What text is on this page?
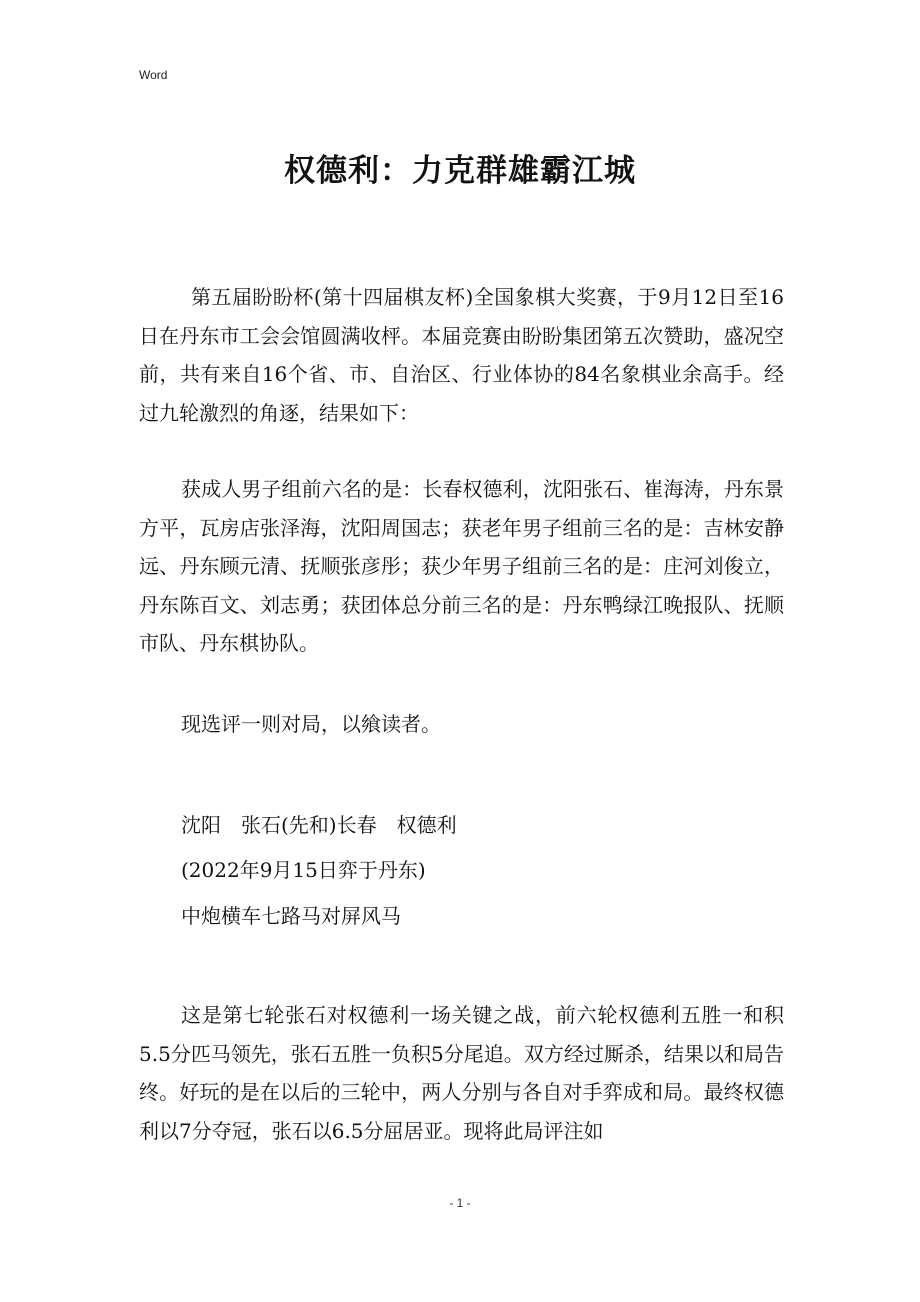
Word
权德利：力克群雄霸江城

第五届盼盼杯(第十四届棋友杯)全国象棋大奖赛，于9月12日至16日在丹东市工会会馆圆满收枰。本届竞赛由盼盼集团第五次赞助，盛况空前，共有来自16个省、市、自治区、行业体协的84名象棋业余高手。经过九轮激烈的角逐，结果如下：

获成人男子组前六名的是：长春权德利，沈阳张石、崔海涛，丹东景方平，瓦房店张泽海，沈阳周国志；获老年男子组前三名的是：吉林安静远、丹东顾元清、抚顺张彦彤；获少年男子组前三名的是：庄河刘俊立，丹东陈百文、刘志勇；获团体总分前三名的是：丹东鸭绿江晚报队、抚顺市队、丹东棋协队。

现选评一则对局，以飨读者。

沈阳　张石(先和)长春　权德利

(2022年9月15日弈于丹东)

中炮横车七路马对屏风马

这是第七轮张石对权德利一场关键之战，前六轮权德利五胜一和积5.5分匹马领先，张石五胜一负积5分尾追。双方经过厮杀，结果以和局告终。好玩的是在以后的三轮中，两人分别与各自对手弈成和局。最终权德利以7分夺冠，张石以6.5分屈居亚。现将此局评注如

- 1 -
